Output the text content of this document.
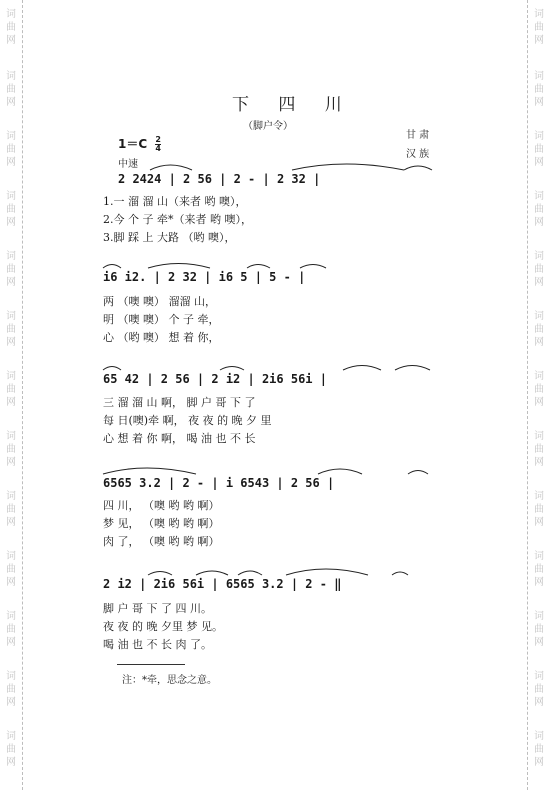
词
曲
网
词
曲
网
词
曲
网
词
曲
网
词
曲
网
词
曲
网
词
曲
网
词
曲
网
词
曲
网
词
曲
网
词
曲
网
词
曲
网
词
曲
网
词
曲
网
词
曲
网
词
曲
网
词
曲
网
词
曲
网
词
曲
网
词
曲
网
词
曲
网
词
曲
网
词
曲
网
词
曲
网
词
曲
网
词
曲
网
下 四 川
（脚户令）
甘 肃
汉 族
$1=C \frac{2}{4}$
中速
2 2424 | 2 56 | 2 - | 2 32 |
1.一 溜 溜 山（来者 哟 噢），
2.今 个 子 牵*（来者 哟 噢），
3.脚 踩 上 大路 （哟 噢），
i6 i2. | 2 32 | i6 5 | 5 - |
两 （噢 噢） 溜溜 山，
明 （噢 噢） 个 子 牵，
心 （哟 噢） 想 着 你，
65 42 | 2 56 | 2 i2 | 2i6 56i |
三 溜 溜 山 啊， 脚 户 哥 下 了
每 日(噢)牵 啊， 夜 夜 的 晚 夕 里
心 想 着 你 啊， 喝 油 也 不 长
6565 3.2 | 2 - | i 6543 | 2 56 |
四 川， （噢 哟 哟 啊）
梦 见， （噢 哟 哟 啊）
肉 了， （噢 哟 哟 啊）
2 i2 | 2i6 56i | 6565 3.2 | 2 - ‖
脚 户 哥 下 了 四 川。
夜 夜 的 晚 夕里 梦 见。
喝 油 也 不 长 肉 了。
注：*牵，思念之意。
